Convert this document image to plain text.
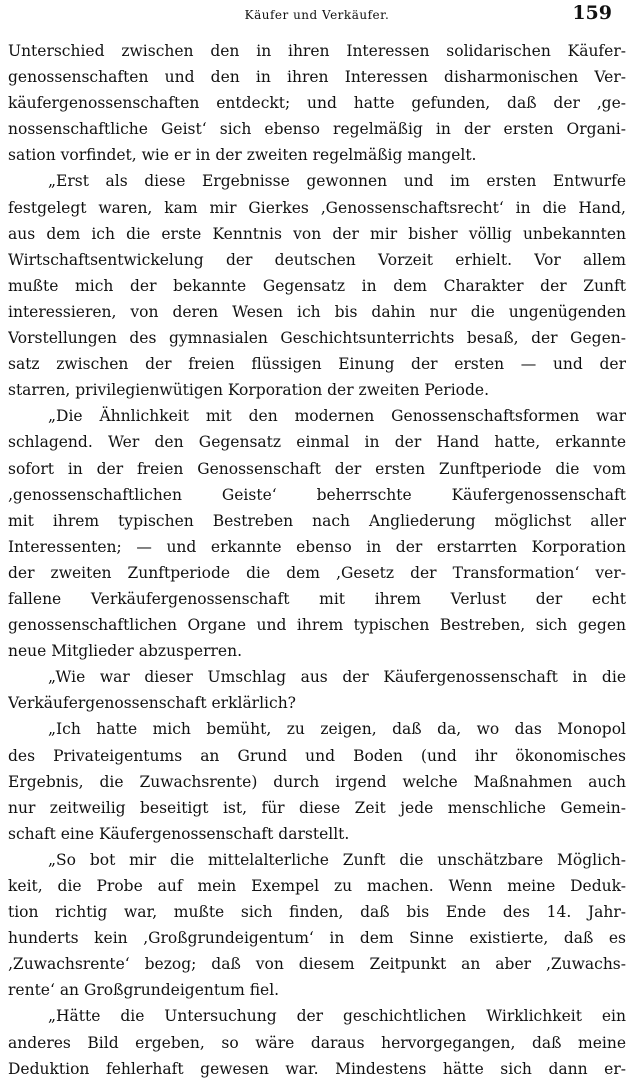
Käufer und Verkäufer.	159
Unterschied zwischen den in ihren Interessen solidarischen Käufer-
genossenschaften und den in ihren Interessen disharmonischen Ver-
käufergenossenschaften entdeckt; und hatte gefunden, daß der ‚ge-
nossenschaftliche Geist‘ sich ebenso regelmäßig in der ersten Organi-
sation vorfindet, wie er in der zweiten regelmäßig mangelt.
„Erst als diese Ergebnisse gewonnen und im ersten Entwurfe
festgelegt waren, kam mir Gierkes ‚Genossenschaftsrecht‘ in die Hand,
aus dem ich die erste Kenntnis von der mir bisher völlig unbekannten
Wirtschaftsentwickelung der deutschen Vorzeit erhielt. Vor allem
mußte mich der bekannte Gegensatz in dem Charakter der Zunft
interessieren, von deren Wesen ich bis dahin nur die ungenügenden
Vorstellungen des gymnasialen Geschichtsunterrichts besaß, der Gegen-
satz zwischen der freien flüssigen Einung der ersten — und der
starren, privilegienwütigen Korporation der zweiten Periode.
„Die Ähnlichkeit mit den modernen Genossenschaftsformen war
schlagend. Wer den Gegensatz einmal in der Hand hatte, erkannte
sofort in der freien Genossenschaft der ersten Zunftperiode die vom
‚genossenschaftlichen Geiste‘ beherrschte Käufergenossenschaft
mit ihrem typischen Bestreben nach Angliederung möglichst aller
Interessenten; — und erkannte ebenso in der erstarrten Korporation
der zweiten Zunftperiode die dem ‚Gesetz der Transformation‘ ver-
fallene Verkäufergenossenschaft mit ihrem Verlust der echt
genossenschaftlichen Organe und ihrem typischen Bestreben, sich gegen
neue Mitglieder abzusperren.
„Wie war dieser Umschlag aus der Käufergenossenschaft in die
Verkäufergenossenschaft erklärlich?
„Ich hatte mich bemüht, zu zeigen, daß da, wo das Monopol
des Privateigentums an Grund und Boden (und ihr ökonomisches
Ergebnis, die Zuwachsrente) durch irgend welche Maßnahmen auch
nur zeitweilig beseitigt ist, für diese Zeit jede menschliche Gemein-
schaft eine Käufergenossenschaft darstellt.
„So bot mir die mittelalterliche Zunft die unschätzbare Möglich-
keit, die Probe auf mein Exempel zu machen. Wenn meine Deduk-
tion richtig war, mußte sich finden, daß bis Ende des 14. Jahr-
hunderts kein ‚Großgrundeigentum‘ in dem Sinne existierte, daß es
‚Zuwachsrente‘ bezog; daß von diesem Zeitpunkt an aber ‚Zuwachs-
rente‘ an Großgrundeigentum fiel.
„Hätte die Untersuchung der geschichtlichen Wirklichkeit ein
anderes Bild ergeben, so wäre daraus hervorgegangen, daß meine
Deduktion fehlerhaft gewesen war. Mindestens hätte sich dann er-
